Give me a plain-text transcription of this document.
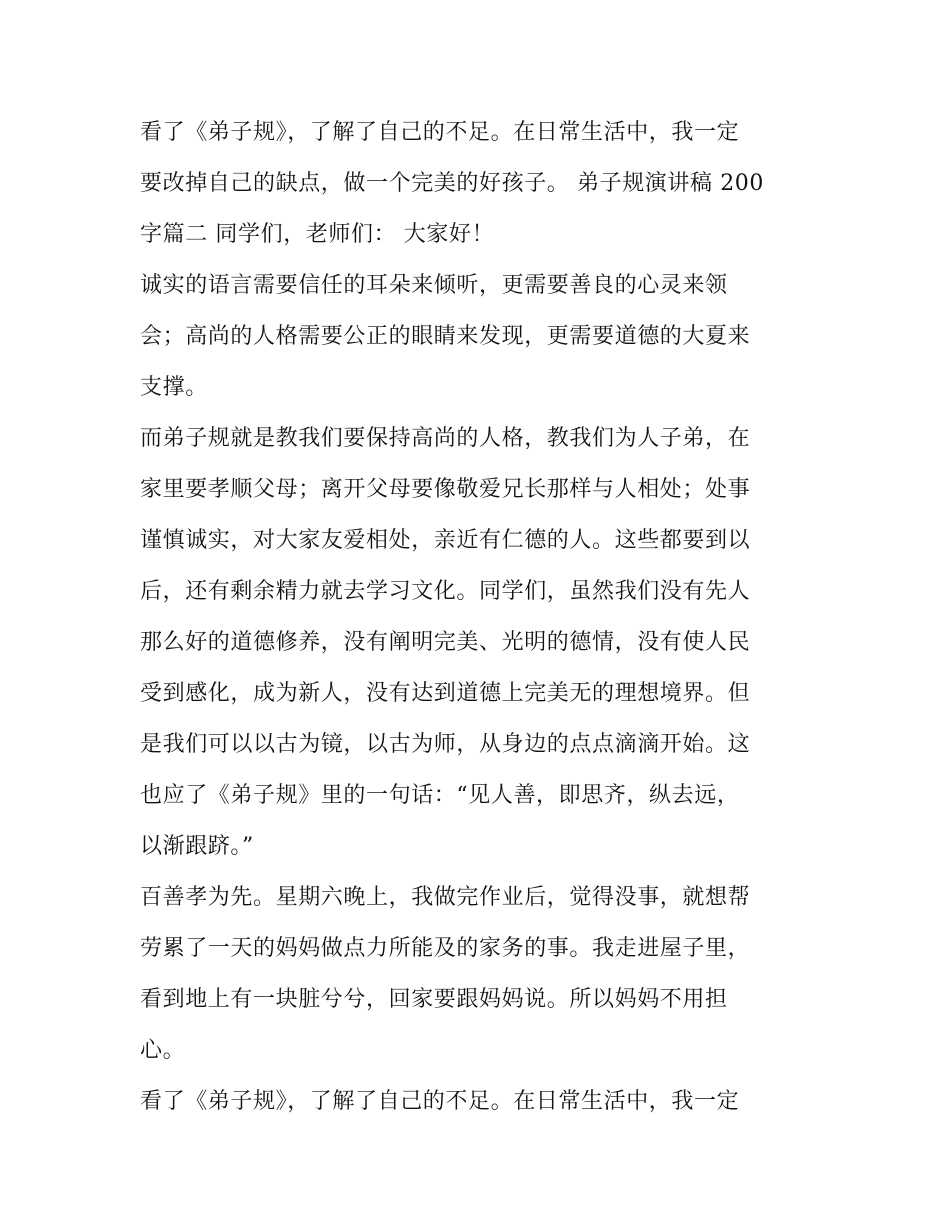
看了《弟子规》，了解了自己的不足。在日常生活中，我一定
要改掉自己的缺点，做一个完美的好孩子。 弟子规演讲稿 200
字篇二 同学们，老师们： 大家好！
诚实的语言需要信任的耳朵来倾听，更需要善良的心灵来领
会；高尚的人格需要公正的眼睛来发现，更需要道德的大夏来
支撑。
而弟子规就是教我们要保持高尚的人格，教我们为人子弟，在
家里要孝顺父母；离开父母要像敬爱兄长那样与人相处；处事
谨慎诚实，对大家友爱相处，亲近有仁德的人。这些都要到以
后，还有剩余精力就去学习文化。同学们，虽然我们没有先人
那么好的道德修养，没有阐明完美、光明的德情，没有使人民
受到感化，成为新人，没有达到道德上完美无的理想境界。但
是我们可以以古为镜，以古为师，从身边的点点滴滴开始。这
也应了《弟子规》里的一句话：“见人善，即思齐，纵去远，
以渐跟跻。”
百善孝为先。星期六晚上，我做完作业后，觉得没事，就想帮
劳累了一天的妈妈做点力所能及的家务的事。我走进屋子里，
看到地上有一块脏兮兮，回家要跟妈妈说。所以妈妈不用担
心。
看了《弟子规》，了解了自己的不足。在日常生活中，我一定
